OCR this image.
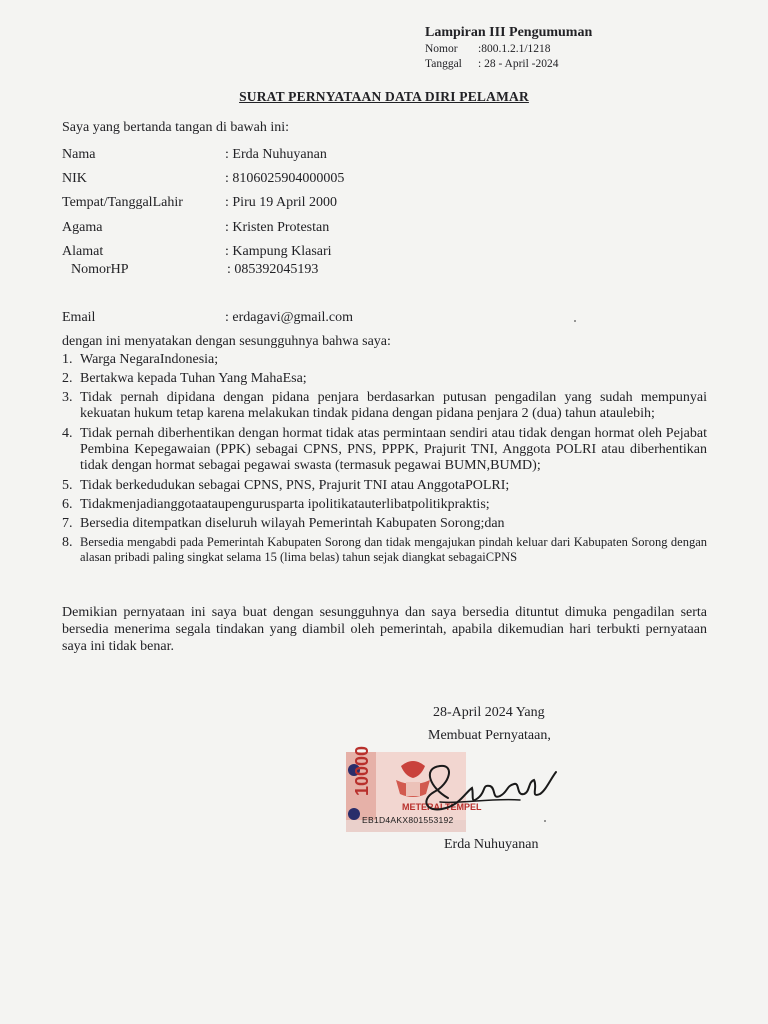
Lampiran III Pengumuman
Nomor	:800.1.2.1/1218
Tanggal	: 28 - April -2024
SURAT PERNYATAAN DATA DIRI PELAMAR
Saya yang bertanda tangan di bawah ini:
Nama	: Erda Nuhuyanan
NIK	: 8106025904000005
Tempat/TanggalLahir	: Piru 19 April 2000
Agama	: Kristen Protestan
Alamat	: Kampung Klasari
NomorHP	: 085392045193
Email	: erdagavi@gmail.com
dengan ini menyatakan dengan sesungguhnya bahwa saya:
1. Warga NegaraIndonesia;
2. Bertakwa kepada Tuhan Yang MahaEsa;
3. Tidak pernah dipidana dengan pidana penjara berdasarkan putusan pengadilan yang sudah mempunyai kekuatan hukum tetap karena melakukan tindak pidana dengan pidana penjara 2 (dua) tahun ataulebih;
4. Tidak pernah diberhentikan dengan hormat tidak atas permintaan sendiri atau tidak dengan hormat oleh Pejabat Pembina Kepegawaian (PPK) sebagai CPNS, PNS, PPPK, Prajurit TNI, Anggota POLRI atau diberhentikan tidak dengan hormat sebagai pegawai swasta (termasuk pegawai BUMN,BUMD);
5. Tidak berkedudukan sebagai CPNS, PNS, Prajurit TNI atau AnggotaPOLRI;
6. Tidakmenjadianggotaataupengurusparta ipolitikatauterlibatpolitikpraktis;
7. Bersedia ditempatkan diseluruh wilayah Pemerintah Kabupaten Sorong;dan
8. Bersedia mengabdi pada Pemerintah Kabupaten Sorong dan tidak mengajukan pindah keluar dari Kabupaten Sorong dengan alasan pribadi paling singkat selama 15 (lima belas) tahun sejak diangkat sebagaiCPNS
Demikian pernyataan ini saya buat dengan sesungguhnya dan saya bersedia dituntut dimuka pengadilan serta bersedia menerima segala tindakan yang diambil oleh pemerintah, apabila dikemudian hari terbukti pernyataan saya ini tidak benar.
28-April 2024 Yang
Membuat Pernyataan,
10000
METERAI TEMPEL
EB1D4AKX801553192
Erda Nuhuyanan
